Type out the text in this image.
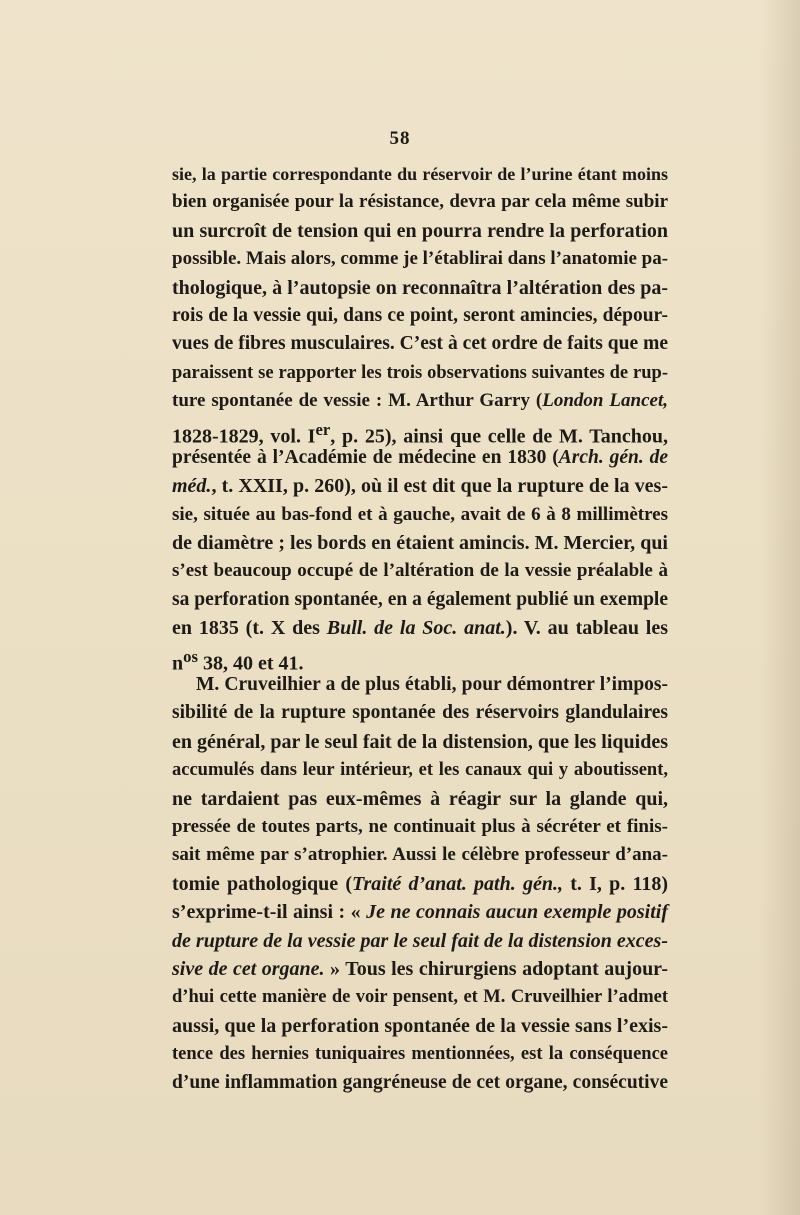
58
sie, la partie correspondante du réservoir de l’urine étant moins
bien organisée pour la résistance, devra par cela même subir
un surcroît de tension qui en pourra rendre la perforation
possible. Mais alors, comme je l’établirai dans l’anatomie pa-
thologique, à l’autopsie on reconnaîtra l’altération des pa-
rois de la vessie qui, dans ce point, seront amincies, dépour-
vues de fibres musculaires. C’est à cet ordre de faits que me
paraissent se rapporter les trois observations suivantes de rup-
ture spontanée de vessie : M. Arthur Garry (London Lancet,
1828-1829, vol. Ier, p. 25), ainsi que celle de M. Tanchou,
présentée à l’Académie de médecine en 1830 (Arch. gén. de
méd., t. XXII, p. 260), où il est dit que la rupture de la ves-
sie, située au bas-fond et à gauche, avait de 6 à 8 millimètres
de diamètre ; les bords en étaient amincis. M. Mercier, qui
s’est beaucoup occupé de l’altération de la vessie préalable à
sa perforation spontanée, en a également publié un exemple
en 1835 (t. X des Bull. de la Soc. anat.). V. au tableau les
$n^{os}$ 38, 40 et 41.
M. Cruveilhier a de plus établi, pour démontrer l’impos-
sibilité de la rupture spontanée des réservoirs glandulaires
en général, par le seul fait de la distension, que les liquides
accumulés dans leur intérieur, et les canaux qui y aboutissent,
ne tardaient pas eux-mêmes à réagir sur la glande qui,
pressée de toutes parts, ne continuait plus à sécréter et finis-
sait même par s’atrophier. Aussi le célèbre professeur d’ana-
tomie pathologique (Traité d’anat. path. gén., t. I, p. 118)
s’exprime-t-il ainsi : « Je ne connais aucun exemple positif
de rupture de la vessie par le seul fait de la distension exces-
sive de cet organe. » Tous les chirurgiens adoptant aujour-
d’hui cette manière de voir pensent, et M. Cruveilhier l’admet
aussi, que la perforation spontanée de la vessie sans l’exis-
tence des hernies tuniquaires mentionnées, est la conséquence
d’une inflammation gangréneuse de cet organe, consécutive
